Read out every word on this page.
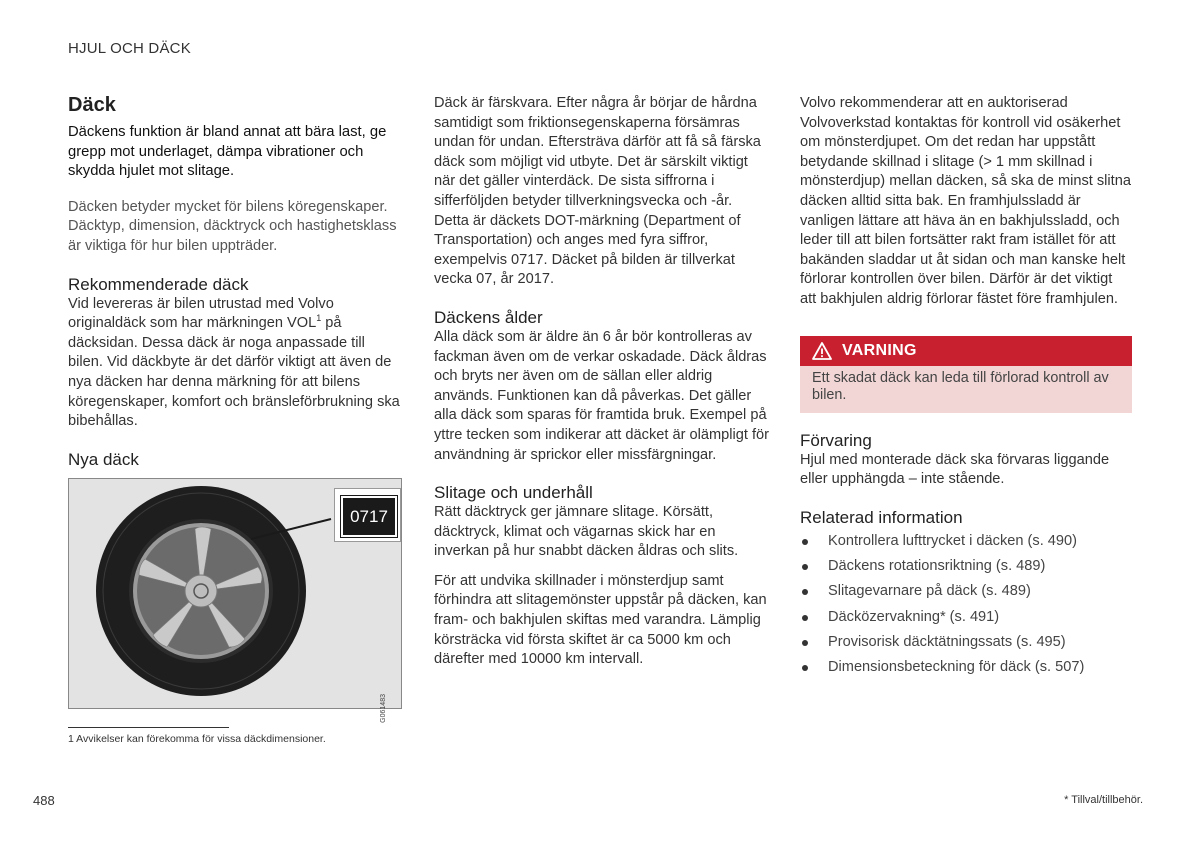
HJUL OCH DÄCK
Däck

Däckens funktion är bland annat att bära last, ge grepp mot underlaget, dämpa vibrationer och skydda hjulet mot slitage.

Däcken betyder mycket för bilens köregenskaper. Däcktyp, dimension, däcktryck och hastighetsklass är viktiga för hur bilen uppträder.

Rekommenderade däck

Vid levereras är bilen utrustad med Volvo originaldäck som har märkningen VOL$^1$ på däcksidan. Dessa däck är noga anpassade till bilen. Vid däckbyte är det därför viktigt att även de nya däcken har denna märkning för att bilens köregenskaper, komfort och bränsleförbrukning ska bibehållas.

Nya däck
0717
G061483

Däck är färskvara. Efter några år börjar de hårdna samtidigt som friktionsegenskaperna försämras undan för undan. Eftersträva därför att få så färska däck som möjligt vid utbyte. Det är särskilt viktigt när det gäller vinterdäck. De sista siffrorna i sifferföljden betyder tillverkningsvecka och -år. Detta är däckets DOT-märkning (Department of Transportation) och anges med fyra siffror, exempelvis 0717. Däcket på bilden är tillverkat vecka 07, år 2017.

Däckens ålder

Alla däck som är äldre än 6 år bör kontrolleras av fackman även om de verkar oskadade. Däck åldras och bryts ner även om de sällan eller aldrig används. Funktionen kan då påverkas. Det gäller alla däck som sparas för framtida bruk. Exempel på yttre tecken som indikerar att däcket är olämpligt för användning är sprickor eller missfärgningar.

Slitage och underhåll

Rätt däcktryck ger jämnare slitage. Körsätt, däcktryck, klimat och vägarnas skick har en inverkan på hur snabbt däcken åldras och slits.

För att undvika skillnader i mönsterdjup samt förhindra att slitagemönster uppstår på däcken, kan fram- och bakhjulen skiftas med varandra. Lämplig körsträcka vid första skiftet är ca 5000 km och därefter med 10000 km intervall.

Volvo rekommenderar att en auktoriserad Volvoverkstad kontaktas för kontroll vid osäkerhet om mönsterdjupet. Om det redan har uppstått betydande skillnad i slitage (> 1 mm skillnad i mönsterdjup) mellan däcken, så ska de minst slitna däcken alltid sitta bak. En framhjulssladd är vanligen lättare att häva än en bakhjulssladd, och leder till att bilen fortsätter rakt fram istället för att bakänden sladdar ut åt sidan och man kanske helt förlorar kontrollen över bilen. Därför är det viktigt att bakhjulen aldrig förlorar fästet före framhjulen.

VARNING
Ett skadat däck kan leda till förlorad kontroll av bilen.
Förvaring

Hjul med monterade däck ska förvaras liggande eller upphängda – inte stående.

Relaterad information
Kontrollera lufttrycket i däcken (s. 490)
Däckens rotationsriktning (s. 489)
Slitagevarnare på däck (s. 489)
Däcközervakning* (s. 491)
Provisorisk däcktätningssats (s. 495)
Dimensionsbeteckning för däck (s. 507)
1 Avvikelser kan förekomma för vissa däckdimensioner.
488	* Tillval/tillbehör.
